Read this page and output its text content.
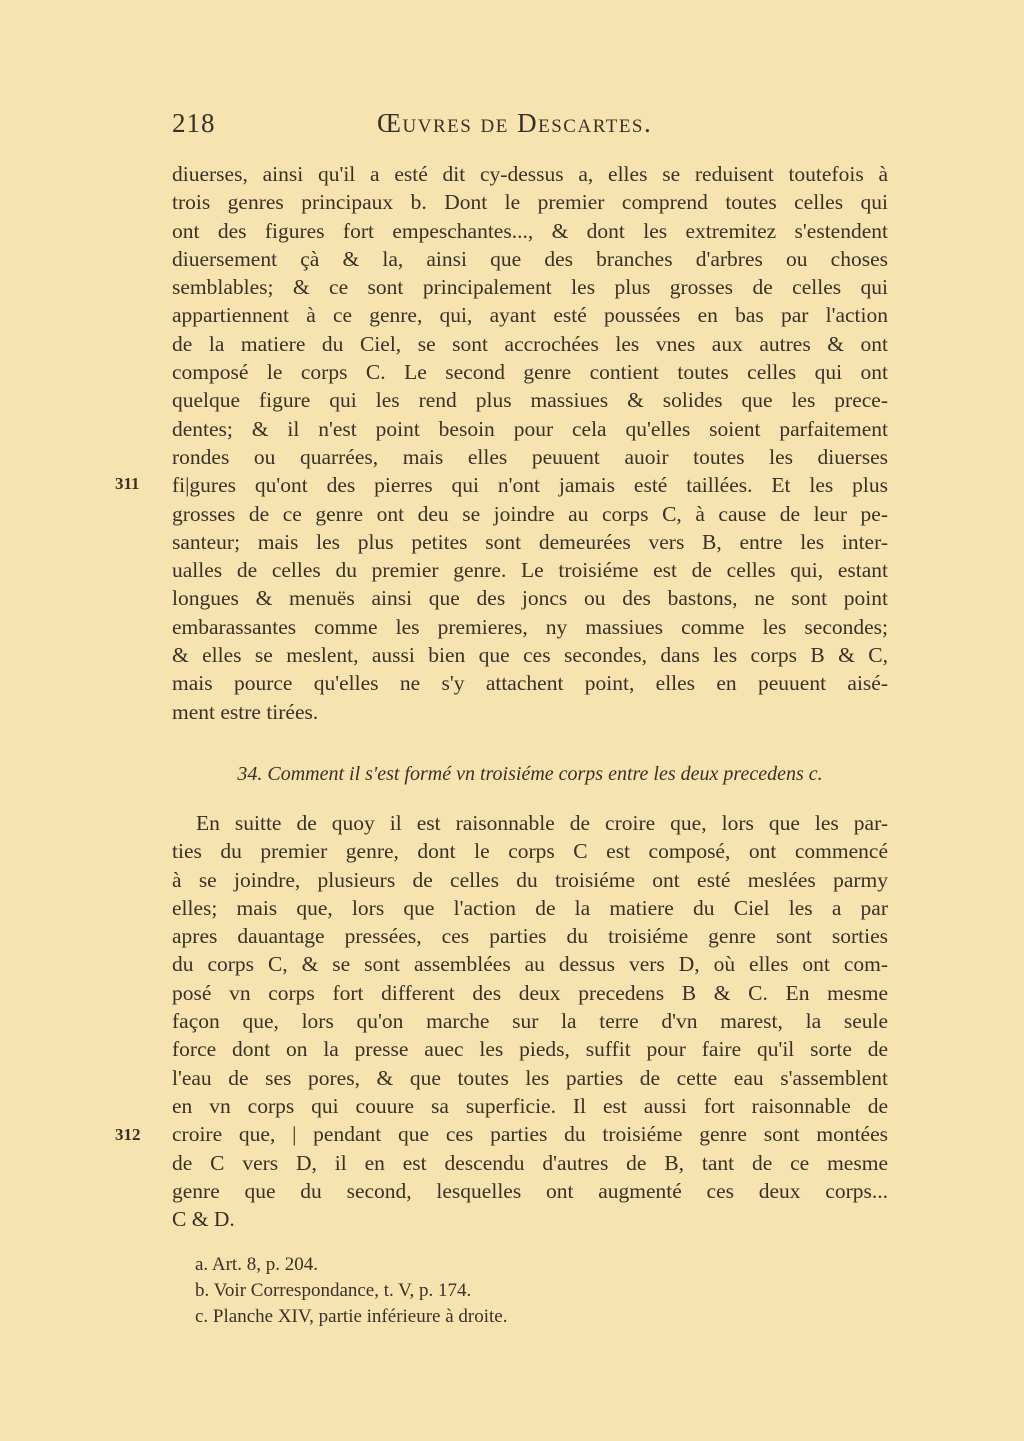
218	Œuvres de Descartes.
diuerses, ainsi qu'il a esté dit cy-dessus a, elles se reduisent toutefois à
trois genres principaux b. Dont le premier comprend toutes celles qui
ont des figures fort empeschantes..., & dont les extremitez s'estendent
diuersement çà & la, ainsi que des branches d'arbres ou choses
semblables; & ce sont principalement les plus grosses de celles qui
appartiennent à ce genre, qui, ayant esté poussées en bas par l'action
de la matiere du Ciel, se sont accrochées les vnes aux autres & ont
composé le corps C. Le second genre contient toutes celles qui ont
quelque figure qui les rend plus massiues & solides que les prece-
dentes; & il n'est point besoin pour cela qu'elles soient parfaitement
rondes ou quarrées, mais elles peuuent auoir toutes les diuerses
fi|gures qu'ont des pierres qui n'ont jamais esté taillées. Et les plus
grosses de ce genre ont deu se joindre au corps C, à cause de leur pe-
santeur; mais les plus petites sont demeurées vers B, entre les inter-
ualles de celles du premier genre. Le troisiéme est de celles qui, estant
longues & menuës ainsi que des joncs ou des bastons, ne sont point
embarassantes comme les premieres, ny massiues comme les secondes;
& elles se meslent, aussi bien que ces secondes, dans les corps B & C,
mais pource qu'elles ne s'y attachent point, elles en peuuent aisé-
ment estre tirées.
311
34. Comment il s'est formé vn troisiéme corps entre les deux precedens c.
En suitte de quoy il est raisonnable de croire que, lors que les par-
ties du premier genre, dont le corps C est composé, ont commencé
à se joindre, plusieurs de celles du troisiéme ont esté meslées parmy
elles; mais que, lors que l'action de la matiere du Ciel les a par
apres dauantage pressées, ces parties du troisiéme genre sont sorties
du corps C, & se sont assemblées au dessus vers D, où elles ont com-
posé vn corps fort different des deux precedens B & C. En mesme
façon que, lors qu'on marche sur la terre d'vn marest, la seule
force dont on la presse auec les pieds, suffit pour faire qu'il sorte de
l'eau de ses pores, & que toutes les parties de cette eau s'assemblent
en vn corps qui couure sa superficie. Il est aussi fort raisonnable de
croire que, | pendant que ces parties du troisiéme genre sont montées
de C vers D, il en est descendu d'autres de B, tant de ce mesme
genre que du second, lesquelles ont augmenté ces deux corps...
C & D.
312
a. Art. 8, p. 204.
b. Voir Correspondance, t. V, p. 174.
c. Planche XIV, partie inférieure à droite.
